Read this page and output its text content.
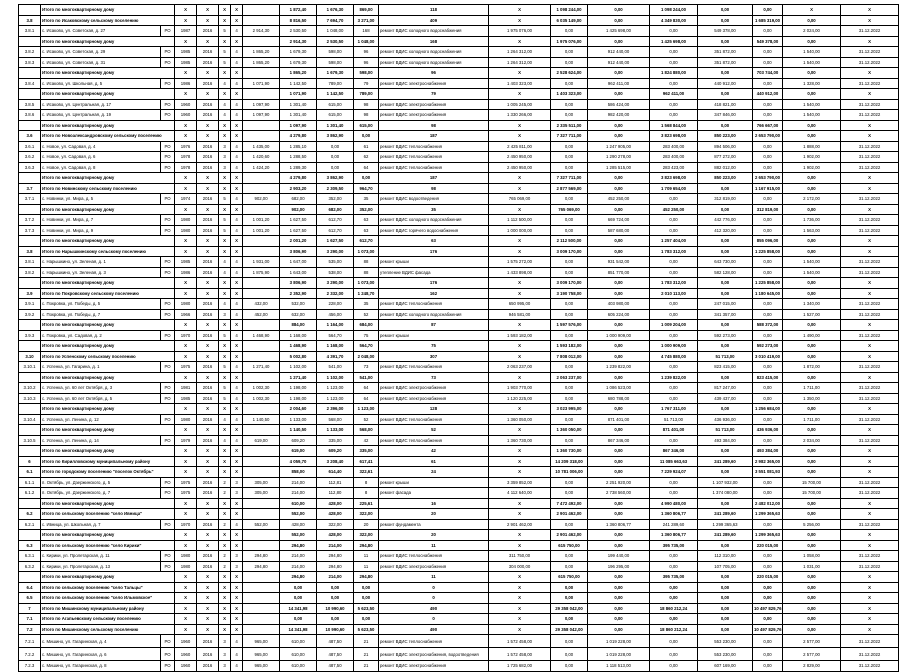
	Итого по многоквартирному дому		X	X	X	X		1 872,40	1 676,30	869,00	118	X	1 098 244,00	0,00	1 098 244,00	0,00	0,00	X	X	
3.8	Итого по Исаковскому сельскому поселению		X	X	X	X		8 816,50	7 694,70	3 271,00	409	X	6 035 149,00	0,00	4 349 830,00	0,00	1 685 319,00	0,00	X	
3.8.1	с. Исаково, ул. Советская, д. 27	РО	1987	2016	5	4	2 914,30	2 530,50	1 048,00	168	ремонт ВДИС холодного водоснабжения	1 975 076,00	0,00	1 425 698,00	0,00	549 378,00	0,00	2 024,00	31.12.2022	
	Итого по многоквартирному дому		X	X	X	X		2 914,30	2 530,50	1 048,00	168	X	1 975 076,00	0,00	1 425 698,00	0,00	549 378,00	0,00	X	
3.8.2	с. Исаково, ул. Советская, д. 29	РО	1985	2016	5	4	1 865,20	1 679,30	598,00	96	ремонт ВДИС холодного водоснабжения	1 264 312,00	0,00	912 440,00	0,00	351 872,00	0,00	1 540,00	31.12.2022	
3.8.3	с. Исаково, ул. Советская, д. 31	РО	1985	2016	5	4	1 865,20	1 679,30	598,00	96	ремонт ВДИС холодного водоснабжения	1 264 312,00	0,00	912 440,00	0,00	351 872,00	0,00	1 540,00	31.12.2022	
	Итого по многоквартирному дому		X	X	X	X		1 865,20	1 679,30	598,00	96	X	2 528 624,00	0,00	1 824 880,00	0,00	703 744,00	0,00	X	
3.8.4	с. Исаково, ул. Школьная, д. 5	РО	1986	2016	4	4	1 071,90	1 142,50	789,00	79	ремонт ВДИС электроснабжения	1 403 323,00	0,00	962 411,00	0,00	440 912,00	0,00	1 328,00	31.12.2022	
	Итого по многоквартирному дому		X	X	X	X		1 071,90	1 142,50	789,00	79	X	1 403 323,00	0,00	962 411,00	0,00	440 912,00	0,00	X	
3.8.5	с. Исаково, ул. Центральная, д. 17	РО	1960	2016	4	4	1 097,90	1 301,40	615,00	98	ремонт ВДИС электроснабжения	1 005 245,00	0,00	586 424,00	0,00	418 821,00	0,00	1 540,00	31.12.2022	
3.8.6	с. Исаково, ул. Центральная, д. 19	РО	1960	2016	4	4	1 097,90	1 301,40	615,00	98	ремонт ВДИС электроснабжения	1 330 266,00	0,00	982 420,00	0,00	347 846,00	0,00	1 540,00	31.12.2022	
	Итого по многоквартирному дому		X	X	X	X		1 097,90	1 301,40	615,00	98	X	2 335 511,00	0,00	1 568 844,00	0,00	766 667,00	0,00	X	
3.6	Итого по Новоалександровскому сельскому поселению		X	X	X	X		4 279,80	3 862,90	0,00	187	X	7 327 711,00	0,00	3 823 698,00	850 223,00	2 653 790,00	0,00	X	
3.6.1	с. Новое, ул. Садовая, д. 4	РО	1976	2016	3	4	1 435,00	1 285,10	0,00	61	ремонт ВДИС теплоснабжения	2 425 811,00	0,00	1 247 905,00	283 400,00	894 506,00	0,00	1 888,00	31.12.2022	
3.6.2	с. Новое, ул. Садовая, д. 6	РО	1978	2016	3	4	1 420,60	1 288,50	0,00	62	ремонт ВДИС теплоснабжения	2 450 950,00	0,00	1 290 278,00	283 400,00	877 272,00	0,00	1 902,00	31.12.2022	
3.6.3	с. Новое, ул. Садовая, д. 8	РО	1978	2016	3	4	1 424,20	1 289,30	0,00	64	ремонт ВДИС теплоснабжения	2 450 950,00	0,00	1 285 515,00	283 423,00	882 012,00	0,00	1 902,00	31.12.2022	
	Итого по многоквартирному дому		X	X	X	X		4 279,80	3 862,90	0,00	187	X	7 327 711,00	0,00	3 823 698,00	850 223,00	2 653 790,00	0,00	X	
3.7	Итого по Новинскому сельскому поселению		X	X	X	X		2 903,20	2 309,50	964,70	98	X	2 877 569,00	0,00	1 709 654,00	0,00	1 167 915,00	0,00	X	
3.7.1	с. Новинки, ул. Мира, д. 5	РО	1974	2016	5	4	902,00	682,00	352,00	35	ремонт ВДИС водоотведения	765 069,00	0,00	452 250,00	0,00	312 819,00	0,00	2 172,00	31.12.2022	
	Итого по многоквартирному дому		X	X	X	X		902,00	682,00	352,00	35	X	765 069,00	0,00	452 250,00	0,00	312 819,00	0,00	X	
3.7.2	с. Новинки, ул. Мира, д. 7	РО	1980	2016	5	4	1 001,20	1 627,50	612,70	63	ремонт ВДИС холодного водоснабжения	1 112 500,00	0,00	669 724,00	0,00	442 776,00	0,00	1 736,00	31.12.2022	
3.7.3	с. Новинки, ул. Мира, д. 9	РО	1980	2016	5	4	1 001,20	1 627,50	612,70	63	ремонт ВДИС горячего водоснабжения	1 000 000,00	0,00	587 680,00	0,00	412 320,00	0,00	1 563,00	31.12.2022	
	Итого по многоквартирному дому		X	X	X	X		2 001,20	1 627,50	612,70	63	X	2 112 500,00	0,00	1 257 404,00	0,00	855 096,00	0,00	X	
3.8	Итого по Нарышкинскому сельскому поселению		X	X	X	X		3 806,90	3 290,00	1 073,00	176	X	3 009 170,00	0,00	1 783 312,00	0,00	1 225 858,00	0,00	X	
3.8.1	с. Нарышкино, ул. Зеленая, д. 1	РО	1985	2016	4	4	1 931,00	1 647,00	535,00	88	ремонт крыши	1 575 272,00	0,00	931 542,00	0,00	643 730,00	0,00	1 540,00	31.12.2022	
3.8.2	с. Нарышкино, ул. Зеленая, д. 3	РО	1986	2016	4	4	1 875,90	1 643,00	538,00	88	утепление ВДИС фасада	1 433 898,00	0,00	851 770,00	0,00	582 128,00	0,00	1 540,00	31.12.2022	
	Итого по многоквартирному дому		X	X	X	X		3 806,90	3 290,00	1 073,00	176	X	3 009 170,00	0,00	1 783 312,00	0,00	1 225 858,00	0,00	X	
3.9	Итого по Покровскому сельскому поселению		X	X	X	X		2 352,90	2 332,00	1 248,70	162	X	3 190 758,00	0,00	2 010 113,00	0,00	1 180 645,00	0,00	X	
3.9.1	с. Покровка, ул. Победы, д. 5	РО	1980	2016	4	4	432,00	532,00	228,00	35	ремонт ВДИС теплоснабжения	650 995,00	0,00	403 980,00	0,00	247 015,00	0,00	1 340,00	31.12.2022	
3.9.2	с. Покровка, ул. Победы, д. 7	РО	1966	2016	3	4	452,00	632,00	456,00	52	ремонт ВДИС холодного водоснабжения	946 581,00	0,00	605 224,00	0,00	341 357,00	0,00	1 527,00	31.12.2022	
	Итого по многоквартирному дому		X	X	X	X		884,00	1 164,00	684,00	87	X	1 597 576,00	0,00	1 009 204,00	0,00	588 372,00	0,00	X	
3.9.3	с. Покровка, ул. Садовая, д. 2	РО	1970	2016	5	4	1 468,90	1 168,00	564,70	75	ремонт крыши	1 593 182,00	0,00	1 000 909,00	0,00	592 273,00	0,00	1 490,00	31.12.2022	
	Итого по многоквартирному дому		X	X	X	X		1 468,90	1 168,00	564,70	75	X	1 593 182,00	0,00	1 000 909,00	0,00	592 273,00	0,00	X	
3.10	Итого по Успенскому сельскому поселению		X	X	X	X		5 002,80	4 391,70	2 048,00	307	X	7 808 012,00	0,00	4 745 880,00	51 713,00	3 010 419,00	0,00	X	
3.10.1	с. Успенка, ул. Гагарина, д. 1	РО	1975	2016	5	4	1 271,40	1 102,00	541,00	73	ремонт ВДИС теплоснабжения	2 063 237,00	0,00	1 239 822,00	0,00	823 415,00	0,00	1 872,00	31.12.2022	
	Итого по многоквартирному дому		X	X	X	X		1 271,40	1 102,00	541,00	73	X	2 063 237,00	0,00	1 239 822,00	0,00	823 415,00	0,00	X	
3.10.2	с. Успенка, ул. 60 лет Октября, д. 3	РО	1981	2016	5	4	1 002,30	1 198,00	1 123,00	64	ремонт ВДИС электроснабжения	1 903 770,00	0,00	1 086 523,00	0,00	817 247,00	0,00	1 711,00	31.12.2022	
3.10.3	с. Успенка, ул. 60 лет Октября, д. 5	РО	1985	2016	5	4	1 002,30	1 198,00	1 123,00	64	ремонт ВДИС электроснабжения	1 120 225,00	0,00	680 788,00	0,00	439 437,00	0,00	1 350,00	31.12.2022	
	Итого по многоквартирному дому		X	X	X	X		2 004,60	2 396,00	1 123,00	128	X	3 023 995,00	0,00	1 767 311,00	0,00	1 256 684,00	0,00	X	
3.10.4	с. Успенка, ул. Ленина, д. 12	РО	1980	2016	4	4	1 140,50	1 133,00	568,00	52	ремонт ВДИС теплоснабжения	1 360 050,00	0,00	871 401,00	51 713,00	436 936,00	0,00	1 711,00	31.12.2022	
	Итого по многоквартирному дому		X	X	X	X		1 140,50	1 133,00	568,00	52	X	1 360 050,00	0,00	871 401,00	51 713,00	436 936,00	0,00	X	
3.10.5	с. Успенка, ул. Ленина, д. 14	РО	1979	2016	4	4	619,00	609,20	335,00	42	ремонт ВДИС теплоснабжения	1 360 730,00	0,00	867 346,00	0,00	493 384,00	0,00	2 034,00	31.12.2022	
	Итого по многоквартирному дому		X	X	X	X		619,00	609,20	335,00	42	X	1 360 730,00	0,00	867 346,00	0,00	493 384,00	0,00	X	
6	Итого по Кирилловскому муниципальному району		X	X	X	X		4 059,70	3 208,40	617,41	61	X	14 209 318,00	0,00	11 085 663,63	241 289,60	2 982 365,00	0,00	X	
6.1	Итого по городскому поселению "поселок Октябрь"		X	X	X	X		858,00	614,40	322,61	24	X	10 781 006,00	0,00	7 229 924,07	0,00	3 551 081,93	0,00	X	
6.1.1	п. Октябрь, ул. Дзержинского, д. 5	РО	1975	2016	2	3	305,00	214,00	112,81	8	ремонт крыши	3 359 852,00	0,00	2 251 920,00	0,00	1 107 932,00	0,00	15 700,00	31.12.2022	
6.1.2	п. Октябрь, ул. Дзержинского, д. 7	РО	1975	2016	2	3	305,00	214,00	112,80	8	ремонт фасада	4 112 640,00	0,00	2 738 560,00	0,00	1 374 080,00	0,00	15 700,00	31.12.2022	
	Итого по многоквартирному дому		X	X	X	X		610,00	428,00	225,61	16	X	7 472 492,00	0,00	4 990 480,00	0,00	2 482 012,00	0,00	X	
6.2	Итого по сельскому поселению "село Ивница"		X	X	X	X		552,00	428,00	322,00	20	X	2 901 462,00	0,00	1 360 806,77	241 289,60	1 299 365,63	0,00	X	
6.2.1	с. Ивница, ул. Школьная, д. 7	РО	1970	2016	2	4	552,00	428,00	322,00	20	ремонт фундамента	2 901 462,00	0,00	1 360 806,77	241 289,60	1 299 365,63	0,00	5 256,00	31.12.2022	
	Итого по многоквартирному дому		X	X	X	X		552,00	428,00	322,00	20	X	2 901 462,00	0,00	1 360 806,77	241 289,60	1 299 365,63	0,00	X	
6.3	Итого по сельскому поселению "село Кирики"		X	X	X	X		294,80	214,00	294,80	11	X	615 750,00	0,00	395 735,00	0,00	220 015,00	0,00	X	
6.3.1	с. Кирики, ул. Пролетарская, д. 11	РО	1980	2016	2	3	294,80	214,00	294,80	11	ремонт ВДИС теплоснабжения	311 750,00	0,00	199 440,00	0,00	112 310,00	0,00	1 058,00	31.12.2022	
6.3.2	с. Кирики, ул. Пролетарская, д. 13	РО	1980	2016	2	3	294,80	214,00	294,80	11	ремонт ВДИС электроснабжения	304 000,00	0,00	196 295,00	0,00	107 705,00	0,00	1 031,00	31.12.2022	
	Итого по многоквартирному дому		X	X	X	X		294,80	214,00	294,80	11	X	615 750,00	0,00	395 735,00	0,00	220 015,00	0,00	X	
6.4	Итого по сельскому поселению "село Тальцы"		X	X	X	X		0,00	0,00	0,00	0	X	0,00	0,00	0,00	0,00	0,00	0,00	X	
6.5	Итого по сельскому поселению "село Ильмовское"		X	X	X	X		0,00	0,00	0,00	0	X	0,00	0,00	0,00	0,00	0,00	0,00	X	
7	Итого по Мишинскому муниципальному району		X	X	X	X		14 341,98	10 990,60	5 623,50	490	X	29 358 042,00	0,00	18 860 212,24	0,00	10 497 829,76	0,00	X	
7.1	Итого по Агапьевскому сельскому поселению		X	X	X	X		0,00	0,00	0,00	0	X	0,00	0,00	0,00	0,00	0,00	0,00	X	
7.2	Итого по Мишинскому сельскому поселению		X	X	X	X		14 341,98	10 990,60	5 623,50	490	X	29 358 042,00	0,00	18 860 212,24	0,00	10 497 829,76	0,00	X	
7.2.1	с. Мишино, ул. Гагаринская, д. 4	РО	1960	2016	3	4	965,00	610,00	487,50	21	ремонт ВДИС теплоснабжения	1 572 458,00	0,00	1 019 228,00	0,00	553 230,00	0,00	2 577,00	31.12.2022	
7.2.2	с. Мишино, ул. Гагаринская, д. 6	РО	1960	2016	3	4	965,00	610,00	487,50	21	ремонт ВДИС электроснабжения, водоотведения	1 572 458,00	0,00	1 019 228,00	0,00	553 230,00	0,00	2 577,00	31.12.2022	
7.2.3	с. Мишино, ул. Гагаринская, д. 8	РО	1960	2016	3	4	965,00	610,00	487,50	21	ремонт ВДИС электроснабжения	1 725 682,00	0,00	1 118 513,00	0,00	607 169,00	0,00	2 829,00	31.12.2022	
